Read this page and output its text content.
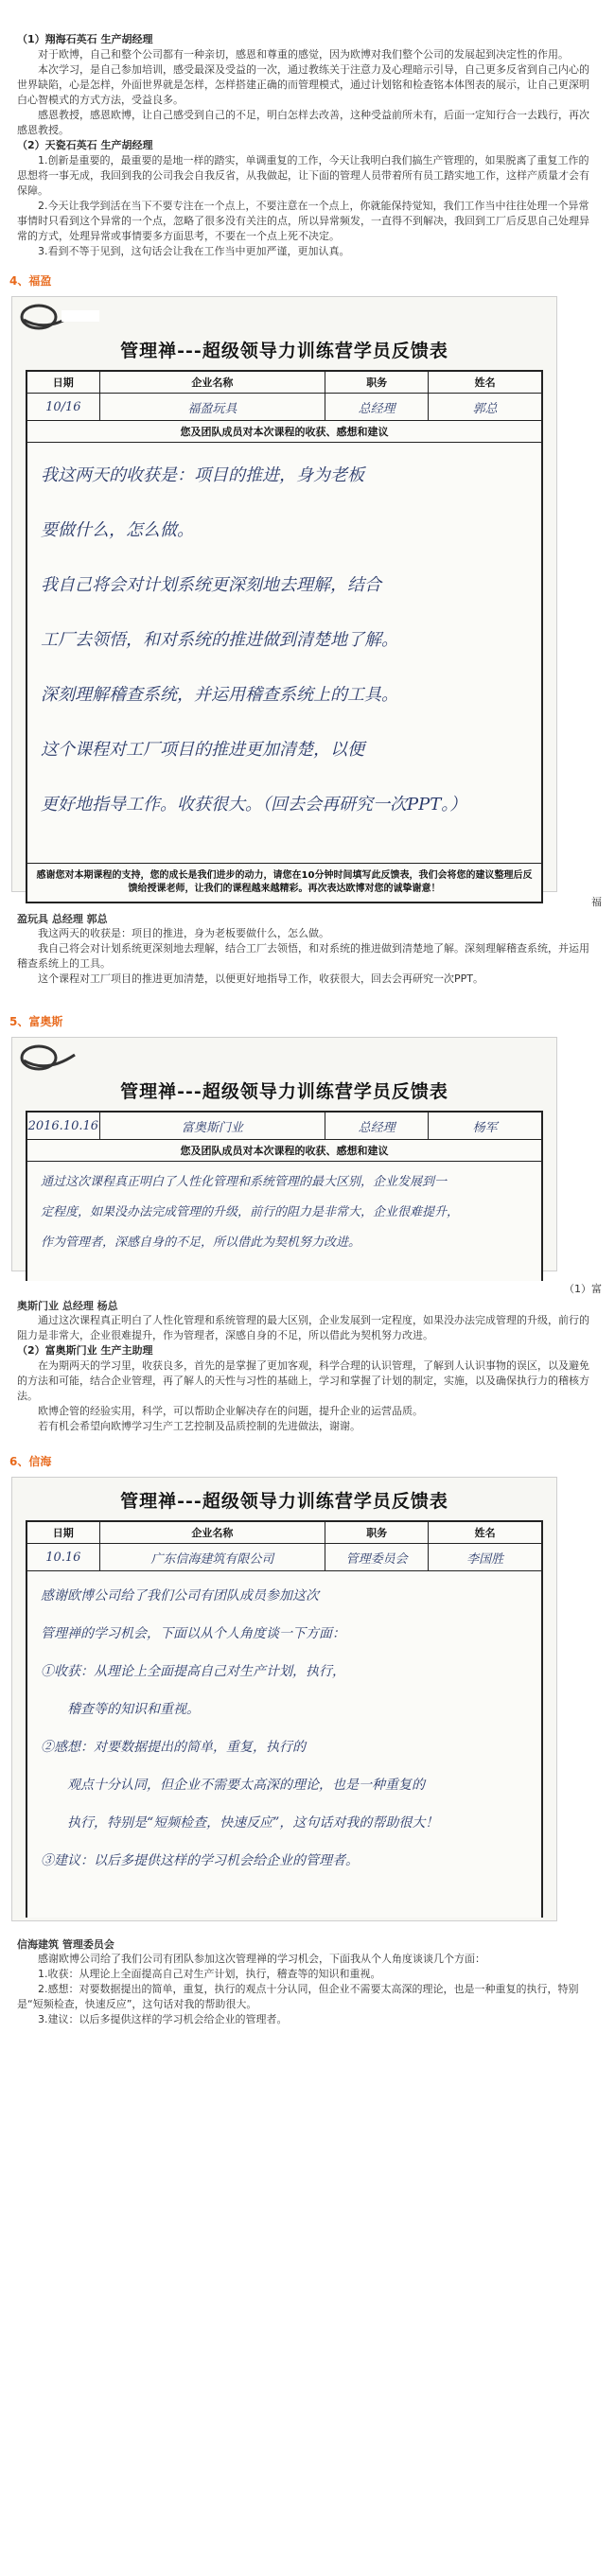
（1）翔海石英石 生产胡经理

对于欧博，自己和整个公司都有一种亲切，感恩和尊重的感觉，因为欧博对我们整个公司的发展起到决定性的作用。

本次学习，是自己参加培训，感受最深及受益的一次，通过教练关于注意力及心理暗示引导，自己更多反省到自己内心的世界缺陷，心是怎样，外面世界就是怎样，怎样搭建正确的而管理模式，通过计划铭和检查铭本体图表的展示，让自己更深明白心智模式的方式方法，受益良多。

感恩教授，感恩欧博，让自己感受到自己的不足，明白怎样去改善，这种受益前所未有，后面一定知行合一去践行，再次感恩教授。

（2）天瓷石英石 生产胡经理

1.创新是重要的，最重要的是地一样的踏实，单调重复的工作，今天让我明白我们搞生产管理的，如果脱离了重复工作的思想将一事无成，我回到我的公司我会自我反省，从我做起，让下面的管理人员带着所有员工踏实地工作，这样产质量才会有保障。

2.今天让我学到活在当下不要专注在一个点上，不要注意在一个点上，你就能保持觉知，我们工作当中往往处理一个异常事情时只看到这个异常的一个点，忽略了很多没有关注的点，所以异常频发，一直得不到解决，我回到工厂后反思自己处理异常的方式，处理异常或事情要多方面思考，不要在一个点上死不决定。

3.看到不等于见到，这句话会让我在工作当中更加严谨，更加认真。

4、福盈

管理禅---超级领导力训练营学员反馈表
日期	企业名称	职务	姓名
10/16	福盈玩具	总经理	郭总
您及团队成员对本次课程的收获、感想和建议
我这两天的收获是：项目的推进，身为老板
要做什么，怎么做。
我自己将会对计划系统更深刻地去理解，结合
工厂去领悟，和对系统的推进做到清楚地了解。
深刻理解稽查系统，并运用稽查系统上的工具。
这个课程对工厂项目的推进更加清楚，以便
更好地指导工作。收获很大。（回去会再研究一次PPT。）
感谢您对本期课程的支持，您的成长是我们进步的动力，请您在10分钟时间填写此反馈表，我们会将您的建议整理后反馈给授课老师，让我们的课程越来越精彩。再次表达欧博对您的诚挚谢意！
福
盈玩具 总经理 郭总

我这两天的收获是：项目的推进，身为老板要做什么，怎么做。

我自己将会对计划系统更深刻地去理解，结合工厂去领悟，和对系统的推进做到清楚地了解。深刻理解稽查系统，并运用稽查系统上的工具。

这个课程对工厂项目的推进更加清楚，以便更好地指导工作，收获很大，回去会再研究一次PPT。

5、富奥斯
管理禅---超级领导力训练营学员反馈表
2016.10.16	富奥斯门业	总经理	杨军
您及团队成员对本次课程的收获、感想和建议
通过这次课程真正明白了人性化管理和系统管理的最大区别，企业发展到一
定程度，如果没办法完成管理的升级，前行的阻力是非常大，企业很难提升，
作为管理者，深感自身的不足，所以借此为契机努力改进。
（1）富
奥斯门业 总经理 杨总

通过这次课程真正明白了人性化管理和系统管理的最大区别，企业发展到一定程度，如果没办法完成管理的升级，前行的阻力是非常大，企业很难提升，作为管理者，深感自身的不足，所以借此为契机努力改进。

（2）富奥斯门业 生产主助理

在为期两天的学习里，收获良多，首先的是掌握了更加客观，科学合理的认识管理，了解到人认识事物的误区，以及避免的方法和可能，结合企业管理，再了解人的天性与习性的基础上，学习和掌握了计划的制定，实施，以及确保执行力的稽核方法。

欧博企管的经验实用，科学，可以帮助企业解决存在的问题，提升企业的运营品质。

若有机会希望向欧博学习生产工艺控制及品质控制的先进做法，谢谢。

6、信海
管理禅---超级领导力训练营学员反馈表
日期	企业名称	职务	姓名
10.16	广东信海建筑有限公司	管理委员会	李国胜
感谢欧博公司给了我们公司有团队成员参加这次
管理禅的学习机会，下面以从个人角度谈一下方面：
①收获：从理论上全面提高自己对生产计划，执行，
　　稽查等的知识和重视。
②感想：对要数据提出的简单，重复，执行的
　　观点十分认同，但企业不需要太高深的理论，也是一种重复的
　　执行，特别是“短频检查，快速反应”，这句话对我的帮助很大！
③建议：以后多提供这样的学习机会给企业的管理者。
信海建筑 管理委员会

感谢欧博公司给了我们公司有团队参加这次管理禅的学习机会，下面我从个人角度谈谈几个方面：

1.收获：从理论上全面提高自己对生产计划，执行，稽查等的知识和重视。

2.感想：对要数据提出的简单，重复，执行的观点十分认同，但企业不需要太高深的理论，也是一种重复的执行，特别是“短频检查，快速反应”，这句话对我的帮助很大。

3.建议：以后多提供这样的学习机会给企业的管理者。
